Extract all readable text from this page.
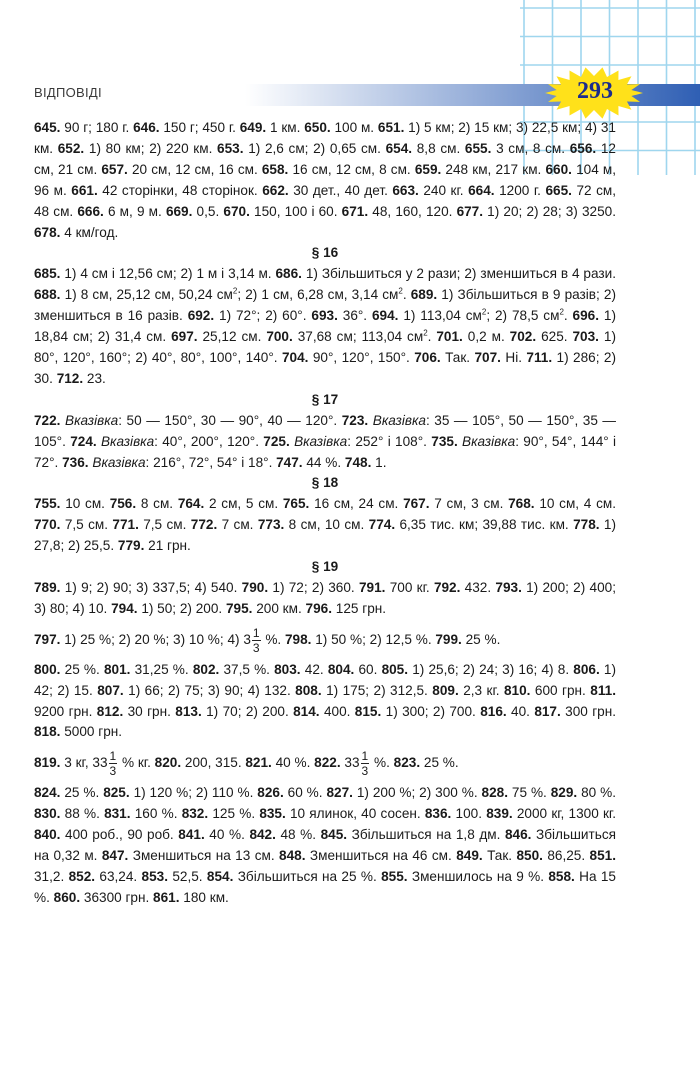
ВІДПОВІДІ	293

645. 90 г; 180 г. 646. 150 г; 450 г. 649. 1 км. 650. 100 м. 651. 1) 5 км; 2) 15 км; 3) 22,5 км; 4) 31 км. 652. 1) 80 км; 2) 220 км. 653. 1) 2,6 см; 2) 0,65 см. 654. 8,8 см. 655. 3 см, 8 см. 656. 12 см, 21 см. 657. 20 см, 12 см, 16 см. 658. 16 см, 12 см, 8 см. 659. 248 км, 217 км. 660. 104 м, 96 м. 661. 42 сторінки, 48 сторінок. 662. 30 дет., 40 дет. 663. 240 кг. 664. 1200 г. 665. 72 см, 48 см. 666. 6 м, 9 м. 669. 0,5. 670. 150, 100 і 60. 671. 48, 160, 120. 677. 1) 20; 2) 28; 3) 3250. 678. 4 км/год.

§ 16

685. 1) 4 см і 12,56 см; 2) 1 м і 3,14 м. 686. 1) Збільшиться у 2 рази; 2) зменшиться в 4 рази. 688. 1) 8 см, 25,12 см, 50,24 $см^2$; 2) 1 см, 6,28 см, 3,14 $см^2$. 689. 1) Збільшиться в 9 разів; 2) зменшиться в 16 разів. 692. 1) 72°; 2) 60°. 693. 36°. 694. 1) 113,04 $см^2$; 2) 78,5 $см^2$. 696. 1) 18,84 см; 2) 31,4 см. 697. 25,12 см. 700. 37,68 см; 113,04 $см^2$. 701. 0,2 м. 702. 625. 703. 1) 80°, 120°, 160°; 2) 40°, 80°, 100°, 140°. 704. 90°, 120°, 150°. 706. Так. 707. Ні. 711. 1) 286; 2) 30. 712. 23.

§ 17

722. Вказівка: 50 — 150°, 30 — 90°, 40 — 120°. 723. Вказівка: 35 — 105°, 50 — 150°, 35 — 105°. 724. Вказівка: 40°, 200°, 120°. 725. Вказівка: 252° і 108°. 735. Вказівка: 90°, 54°, 144° і 72°. 736. Вказівка: 216°, 72°, 54° і 18°. 747. 44 %. 748. 1.

§ 18

755. 10 см. 756. 8 см. 764. 2 см, 5 см. 765. 16 см, 24 см. 767. 7 см, 3 см. 768. 10 см, 4 см. 770. 7,5 см. 771. 7,5 см. 772. 7 см. 773. 8 см, 10 см. 774. 6,35 тис. км; 39,88 тис. км. 778. 1) 27,8; 2) 25,5. 779. 21 грн.

§ 19

789. 1) 9; 2) 90; 3) 337,5; 4) 540. 790. 1) 72; 2) 360. 791. 700 кг. 792. 432. 793. 1) 200; 2) 400; 3) 80; 4) 10. 794. 1) 50; 2) 200. 795. 200 км. 796. 125 грн.

797. 1) 25 %; 2) 20 %; 3) 10 %; 4) $3 \frac{1}{3}$ %. 798. 1) 50 %; 2) 12,5 %. 799. 25 %.

800. 25 %. 801. 31,25 %. 802. 37,5 %. 803. 42. 804. 60. 805. 1) 25,6; 2) 24; 3) 16; 4) 8. 806. 1) 42; 2) 15. 807. 1) 66; 2) 75; 3) 90; 4) 132. 808. 1) 175; 2) 312,5. 809. 2,3 кг. 810. 600 грн. 811. 9200 грн. 812. 30 грн. 813. 1) 70; 2) 200. 814. 400. 815. 1) 300; 2) 700. 816. 40. 817. 300 грн. 818. 5000 грн.

819. 3 кг, $33 \frac{1}{3}$ % кг. 820. 200, 315. 821. 40 %. 822. $33 \frac{1}{3}$ %. 823. 25 %.

824. 25 %. 825. 1) 120 %; 2) 110 %. 826. 60 %. 827. 1) 200 %; 2) 300 %. 828. 75 %. 829. 80 %. 830. 88 %. 831. 160 %. 832. 125 %. 835. 10 ялинок, 40 сосен. 836. 100. 839. 2000 кг, 1300 кг. 840. 400 роб., 90 роб. 841. 40 %. 842. 48 %. 845. Збільшиться на 1,8 дм. 846. Збільшиться на 0,32 м. 847. Зменшиться на 13 см. 848. Зменшиться на 46 см. 849. Так. 850. 86,25. 851. 31,2. 852. 63,24. 853. 52,5. 854. Збільшиться на 25 %. 855. Зменшилось на 9 %. 858. На 15 %. 860. 36300 грн. 861. 180 км.
